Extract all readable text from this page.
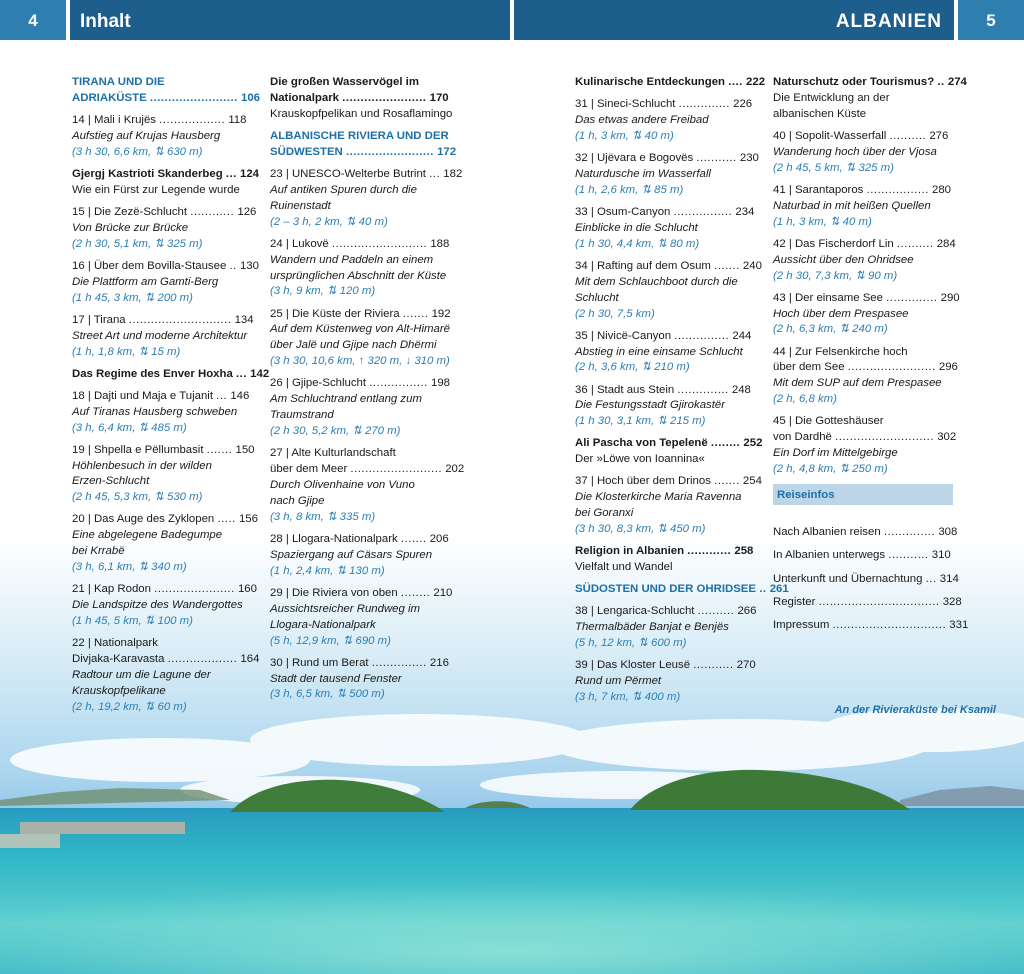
4	Inhalt	ALBANIEN	5
TIRANA UND DIE
ADRIAKÜSTE ........................ 106
14 | Mali i Krujës .................. 118
Aufstieg auf Krujas Hausberg
(3 h 30, 6,6 km, ⇅ 630 m)
Gjergj Kastrioti Skanderbeg ... 124
Wie ein Fürst zur Legende wurde
15 | Die Zezë-Schlucht ............ 126
Von Brücke zur Brücke
(2 h 30, 5,1 km, ⇅ 325 m)
16 | Über dem Bovilla-Stausee .. 130
Die Plattform am Gamti-Berg
(1 h 45, 3 km, ⇅ 200 m)
17 | Tirana ............................ 134
Street Art und moderne Architektur
(1 h, 1,8 km, ⇅ 15 m)
Das Regime des Enver Hoxha ... 142
18 | Dajti und Maja e Tujanit ... 146
Auf Tiranas Hausberg schweben
(3 h, 6,4 km, ⇅ 485 m)
19 | Shpella e Pëllumbasit ....... 150
Höhlenbesuch in der wilden
Erzen-Schlucht
(2 h 45, 5,3 km, ⇅ 530 m)
20 | Das Auge des Zyklopen ..... 156
Eine abgelegene Badegumpe
bei Krrabë
(3 h, 6,1 km, ⇅ 340 m)
21 | Kap Rodon ...................... 160
Die Landspitze des Wandergottes
(1 h 45, 5 km, ⇅ 100 m)
22 | Nationalpark
Divjaka-Karavasta ................... 164
Radtour um die Lagune der
Krauskopfpelikane
(2 h, 19,2 km, ⇅ 60 m)
Die großen Wasservögel im
Nationalpark ....................... 170
Krauskopfpelikan und Rosaflamingo
ALBANISCHE RIVIERA UND DER
SÜDWESTEN ........................ 172
23 | UNESCO-Welterbe Butrint ... 182
Auf antiken Spuren durch die
Ruinenstadt
(2 – 3 h, 2 km, ⇅ 40 m)
24 | Lukovë .......................... 188
Wandern und Paddeln an einem
ursprünglichen Abschnitt der Küste
(3 h, 9 km, ⇅ 120 m)
25 | Die Küste der Riviera ....... 192
Auf dem Küstenweg von Alt-Himarë
über Jalë und Gjipe nach Dhërmi
(3 h 30, 10,6 km, ↑ 320 m, ↓ 310 m)
26 | Gjipe-Schlucht ................ 198
Am Schluchtrand entlang zum
Traumstrand
(2 h 30, 5,2 km, ⇅ 270 m)
27 | Alte Kulturlandschaft
über dem Meer ......................... 202
Durch Olivenhaine von Vuno
nach Gjipe
(3 h, 8 km, ⇅ 335 m)
28 | Llogara-Nationalpark ....... 206
Spaziergang auf Cäsars Spuren
(1 h, 2,4 km, ⇅ 130 m)
29 | Die Riviera von oben ........ 210
Aussichtsreicher Rundweg im
Llogara-Nationalpark
(5 h, 12,9 km, ⇅ 690 m)
30 | Rund um Berat ............... 216
Stadt der tausend Fenster
(3 h, 6,5 km, ⇅ 500 m)
Kulinarische Entdeckungen .... 222
31 | Sineci-Schlucht .............. 226
Das etwas andere Freibad
(1 h, 3 km, ⇅ 40 m)
32 | Ujëvara e Bogovës ........... 230
Naturdusche im Wasserfall
(1 h, 2,6 km, ⇅ 85 m)
33 | Osum-Canyon ................ 234
Einblicke in die Schlucht
(1 h 30, 4,4 km, ⇅ 80 m)
34 | Rafting auf dem Osum ....... 240
Mit dem Schlauchboot durch die
Schlucht
(2 h 30, 7,5 km)
35 | Nivicë-Canyon ............... 244
Abstieg in eine einsame Schlucht
(2 h, 3,6 km, ⇅ 210 m)
36 | Stadt aus Stein .............. 248
Die Festungsstadt Gjirokastër
(1 h 30, 3,1 km, ⇅ 215 m)
Ali Pascha von Tepelenë ........ 252
Der »Löwe von Ioannina«
37 | Hoch über dem Drinos ....... 254
Die Klosterkirche Maria Ravenna
bei Goranxi
(3 h 30, 8,3 km, ⇅ 450 m)
Religion in Albanien ............ 258
Vielfalt und Wandel
SÜDOSTEN UND DER OHRIDSEE .. 261
38 | Lengarica-Schlucht .......... 266
Thermalbäder Banjat e Benjës
(5 h, 12 km, ⇅ 600 m)
39 | Das Kloster Leusë ........... 270
Rund um Përmet
(3 h, 7 km, ⇅ 400 m)
Naturschutz oder Tourismus? .. 274
Die Entwicklung an der
albanischen Küste
40 | Sopolit-Wasserfall .......... 276
Wanderung hoch über der Vjosa
(2 h 45, 5 km, ⇅ 325 m)
41 | Sarantaporos ................. 280
Naturbad in mit heißen Quellen
(1 h, 3 km, ⇅ 40 m)
42 | Das Fischerdorf Lin .......... 284
Aussicht über den Ohridsee
(2 h 30, 7,3 km, ⇅ 90 m)
43 | Der einsame See .............. 290
Hoch über dem Prespasee
(2 h, 6,3 km, ⇅ 240 m)
44 | Zur Felsenkirche hoch
über dem See ........................ 296
Mit dem SUP auf dem Prespasee
(2 h, 6,8 km)
45 | Die Gotteshäuser
von Dardhë ........................... 302
Ein Dorf im Mittelgebirge
(2 h, 4,8 km, ⇅ 250 m)
Reiseinfos
Nach Albanien reisen .............. 308
In Albanien unterwegs ........... 310
Unterkunft und Übernachtung ... 314
Register ................................. 328
Impressum ............................... 331
An der Rivieraküste bei Ksamil
